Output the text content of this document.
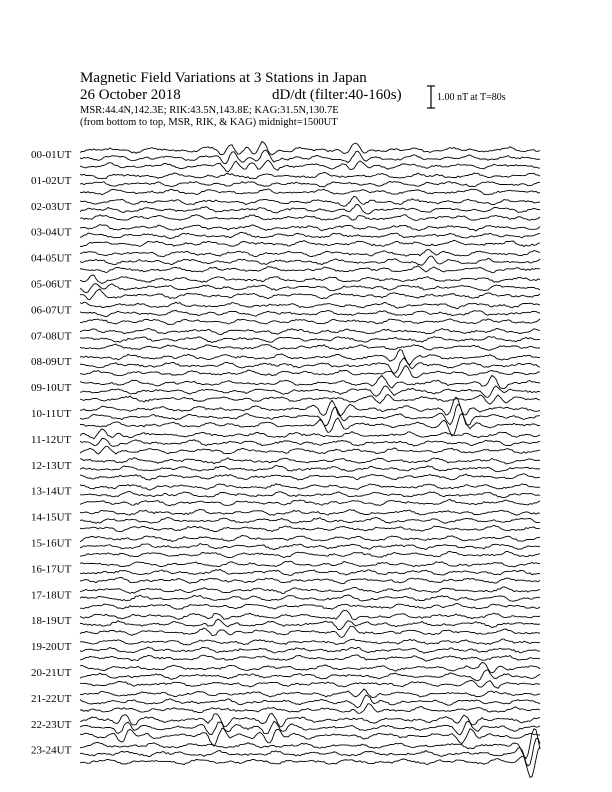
Magnetic Field Variations at 3 Stations in Japan
26 October 2018	dD/dt (filter:40-160s)
MSR:44.4N,142.3E; RIK:43.5N,143.8E; KAG:31.5N,130.7E
(from bottom to top, MSR, RIK, & KAG) midnight=1500UT
1.00 nT at T=80s
00-01UT
01-02UT
02-03UT
03-04UT
04-05UT
05-06UT
06-07UT
07-08UT
08-09UT
09-10UT
10-11UT
11-12UT
12-13UT
13-14UT
14-15UT
15-16UT
16-17UT
17-18UT
18-19UT
19-20UT
20-21UT
21-22UT
22-23UT
23-24UT
